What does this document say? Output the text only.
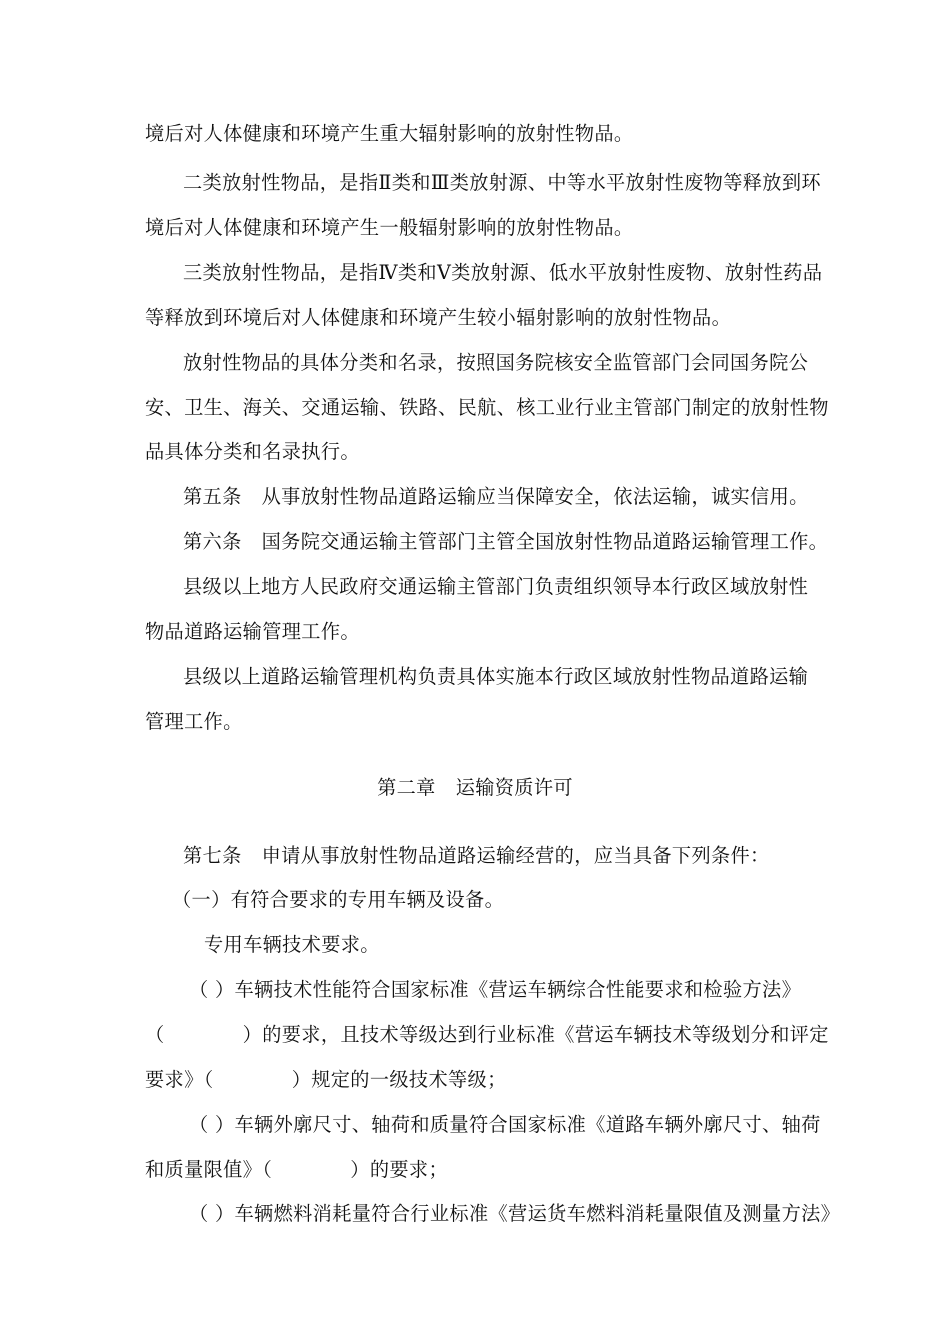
境后对人体健康和环境产生重大辐射影响的放射性物品。
二类放射性物品，是指Ⅱ类和Ⅲ类放射源、中等水平放射性废物等释放到环
境后对人体健康和环境产生一般辐射影响的放射性物品。
三类放射性物品，是指Ⅳ类和Ⅴ类放射源、低水平放射性废物、放射性药品
等释放到环境后对人体健康和环境产生较小辐射影响的放射性物品。
放射性物品的具体分类和名录，按照国务院核安全监管部门会同国务院公
安、卫生、海关、交通运输、铁路、民航、核工业行业主管部门制定的放射性物
品具体分类和名录执行。
第五条 从事放射性物品道路运输应当保障安全，依法运输，诚实信用。
第六条 国务院交通运输主管部门主管全国放射性物品道路运输管理工作。
县级以上地方人民政府交通运输主管部门负责组织领导本行政区域放射性
物品道路运输管理工作。
县级以上道路运输管理机构负责具体实施本行政区域放射性物品道路运输
管理工作。
第二章 运输资质许可
第七条 申请从事放射性物品道路运输经营的，应当具备下列条件：
（一）有符合要求的专用车辆及设备。
专用车辆技术要求。
（ ）车辆技术性能符合国家标准《营运车辆综合性能要求和检验方法》
（　　　　）的要求，且技术等级达到行业标准《营运车辆技术等级划分和评定
要求》（　　　　）规定的一级技术等级；
（ ）车辆外廓尺寸、轴荷和质量符合国家标准《道路车辆外廓尺寸、轴荷
和质量限值》（　　　　）的要求；
（ ）车辆燃料消耗量符合行业标准《营运货车燃料消耗量限值及测量方法》
